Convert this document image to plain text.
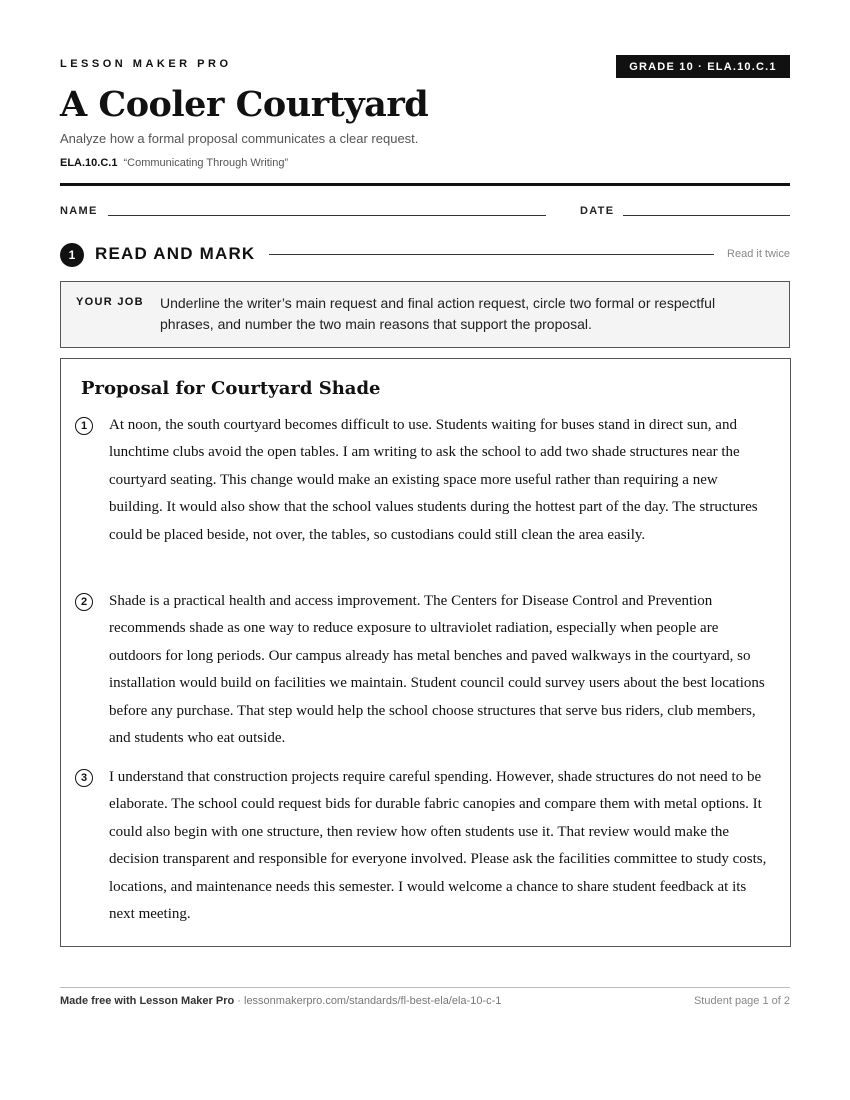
LESSON MAKER PRO	GRADE 10 · ELA.10.C.1
A Cooler Courtyard
Analyze how a formal proposal communicates a clear request.
ELA.10.C.1 “Communicating Through Writing”
NAME	DATE
1	READ AND MARK	Read it twice
YOUR JOB Underline the writer’s main request and final action request, circle two formal or respectful phrases, and number the two main reasons that support the proposal.
Proposal for Courtyard Shade
1	At noon, the south courtyard becomes difficult to use. Students waiting for buses stand in direct sun, and lunchtime clubs avoid the open tables. I am writing to ask the school to add two shade structures near the courtyard seating. This change would make an existing space more useful rather than requiring a new building. It would also show that the school values students during the hottest part of the day. The structures could be placed beside, not over, the tables, so custodians could still clean the area easily.

2	Shade is a practical health and access improvement. The Centers for Disease Control and Prevention recommends shade as one way to reduce exposure to ultraviolet radiation, especially when people are outdoors for long periods. Our campus already has metal benches and paved walkways in the courtyard, so installation would build on facilities we maintain. Student council could survey users about the best locations before any purchase. That step would help the school choose structures that serve bus riders, club members, and students who eat outside.

3	I understand that construction projects require careful spending. However, shade structures do not need to be elaborate. The school could request bids for durable fabric canopies and compare them with metal options. It could also begin with one structure, then review how often students use it. That review would make the decision transparent and responsible for everyone involved. Please ask the facilities committee to study costs, locations, and maintenance needs this semester. I would welcome a chance to share student feedback at its next meeting.

Made free with Lesson Maker Pro · lessonmakerpro.com/standards/fl-best-ela/ela-10-c-1	Student page 1 of 2
